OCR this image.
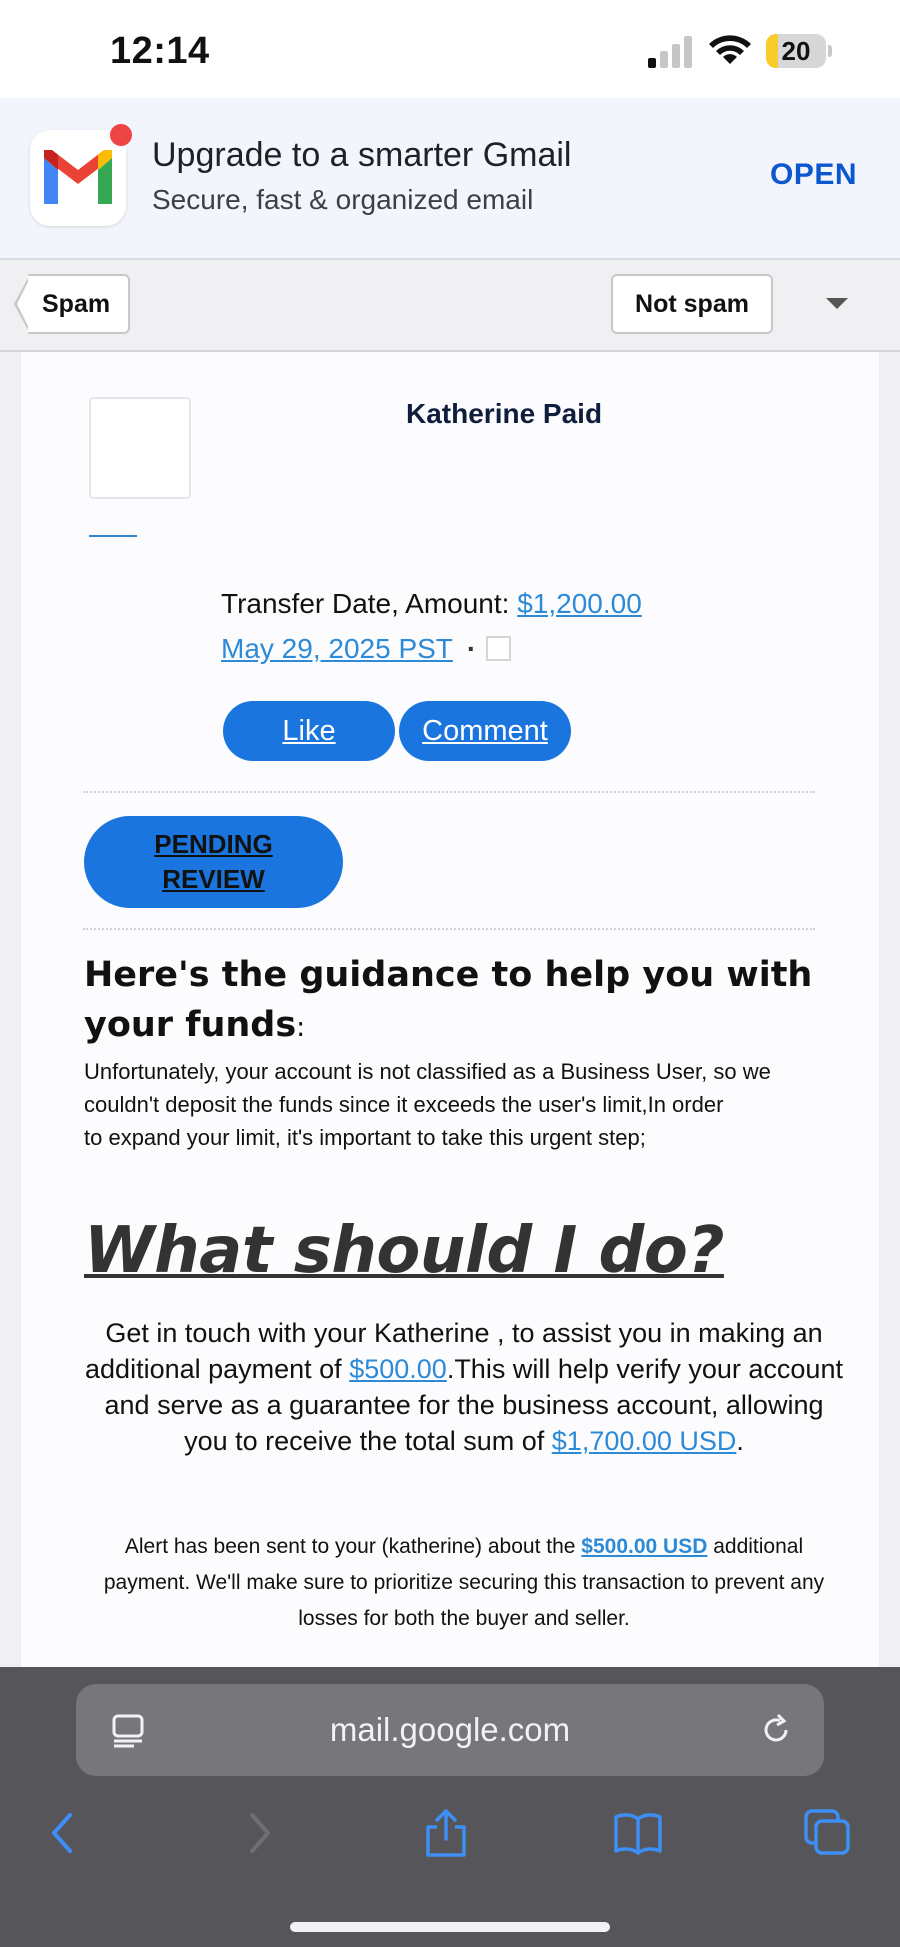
12:14	20
Upgrade to a smarter Gmail
Secure, fast & organized email
OPEN
Spam	Not spam
Katherine Paid
Transfer Date, Amount: $1,200.00
May 29, 2025 PST ·
Like	Comment
PENDING
REVIEW
Here's the guidance to help you with your funds:
Unfortunately, your account is not classified as a Business User, so we couldn't deposit the funds since it exceeds the user's limit,In order
to expand your limit, it's important to take this urgent step;
What should I do?
Get in touch with your Katherine , to assist you in making an additional payment of $500.00.This will help verify your account and serve as a guarantee for the business account, allowing you to receive the total sum of $1,700.00 USD.
Alert has been sent to your (katherine) about the $500.00 USD additional payment. We'll make sure to prioritize securing this transaction to prevent any losses for both the buyer and seller.
mail.google.com
